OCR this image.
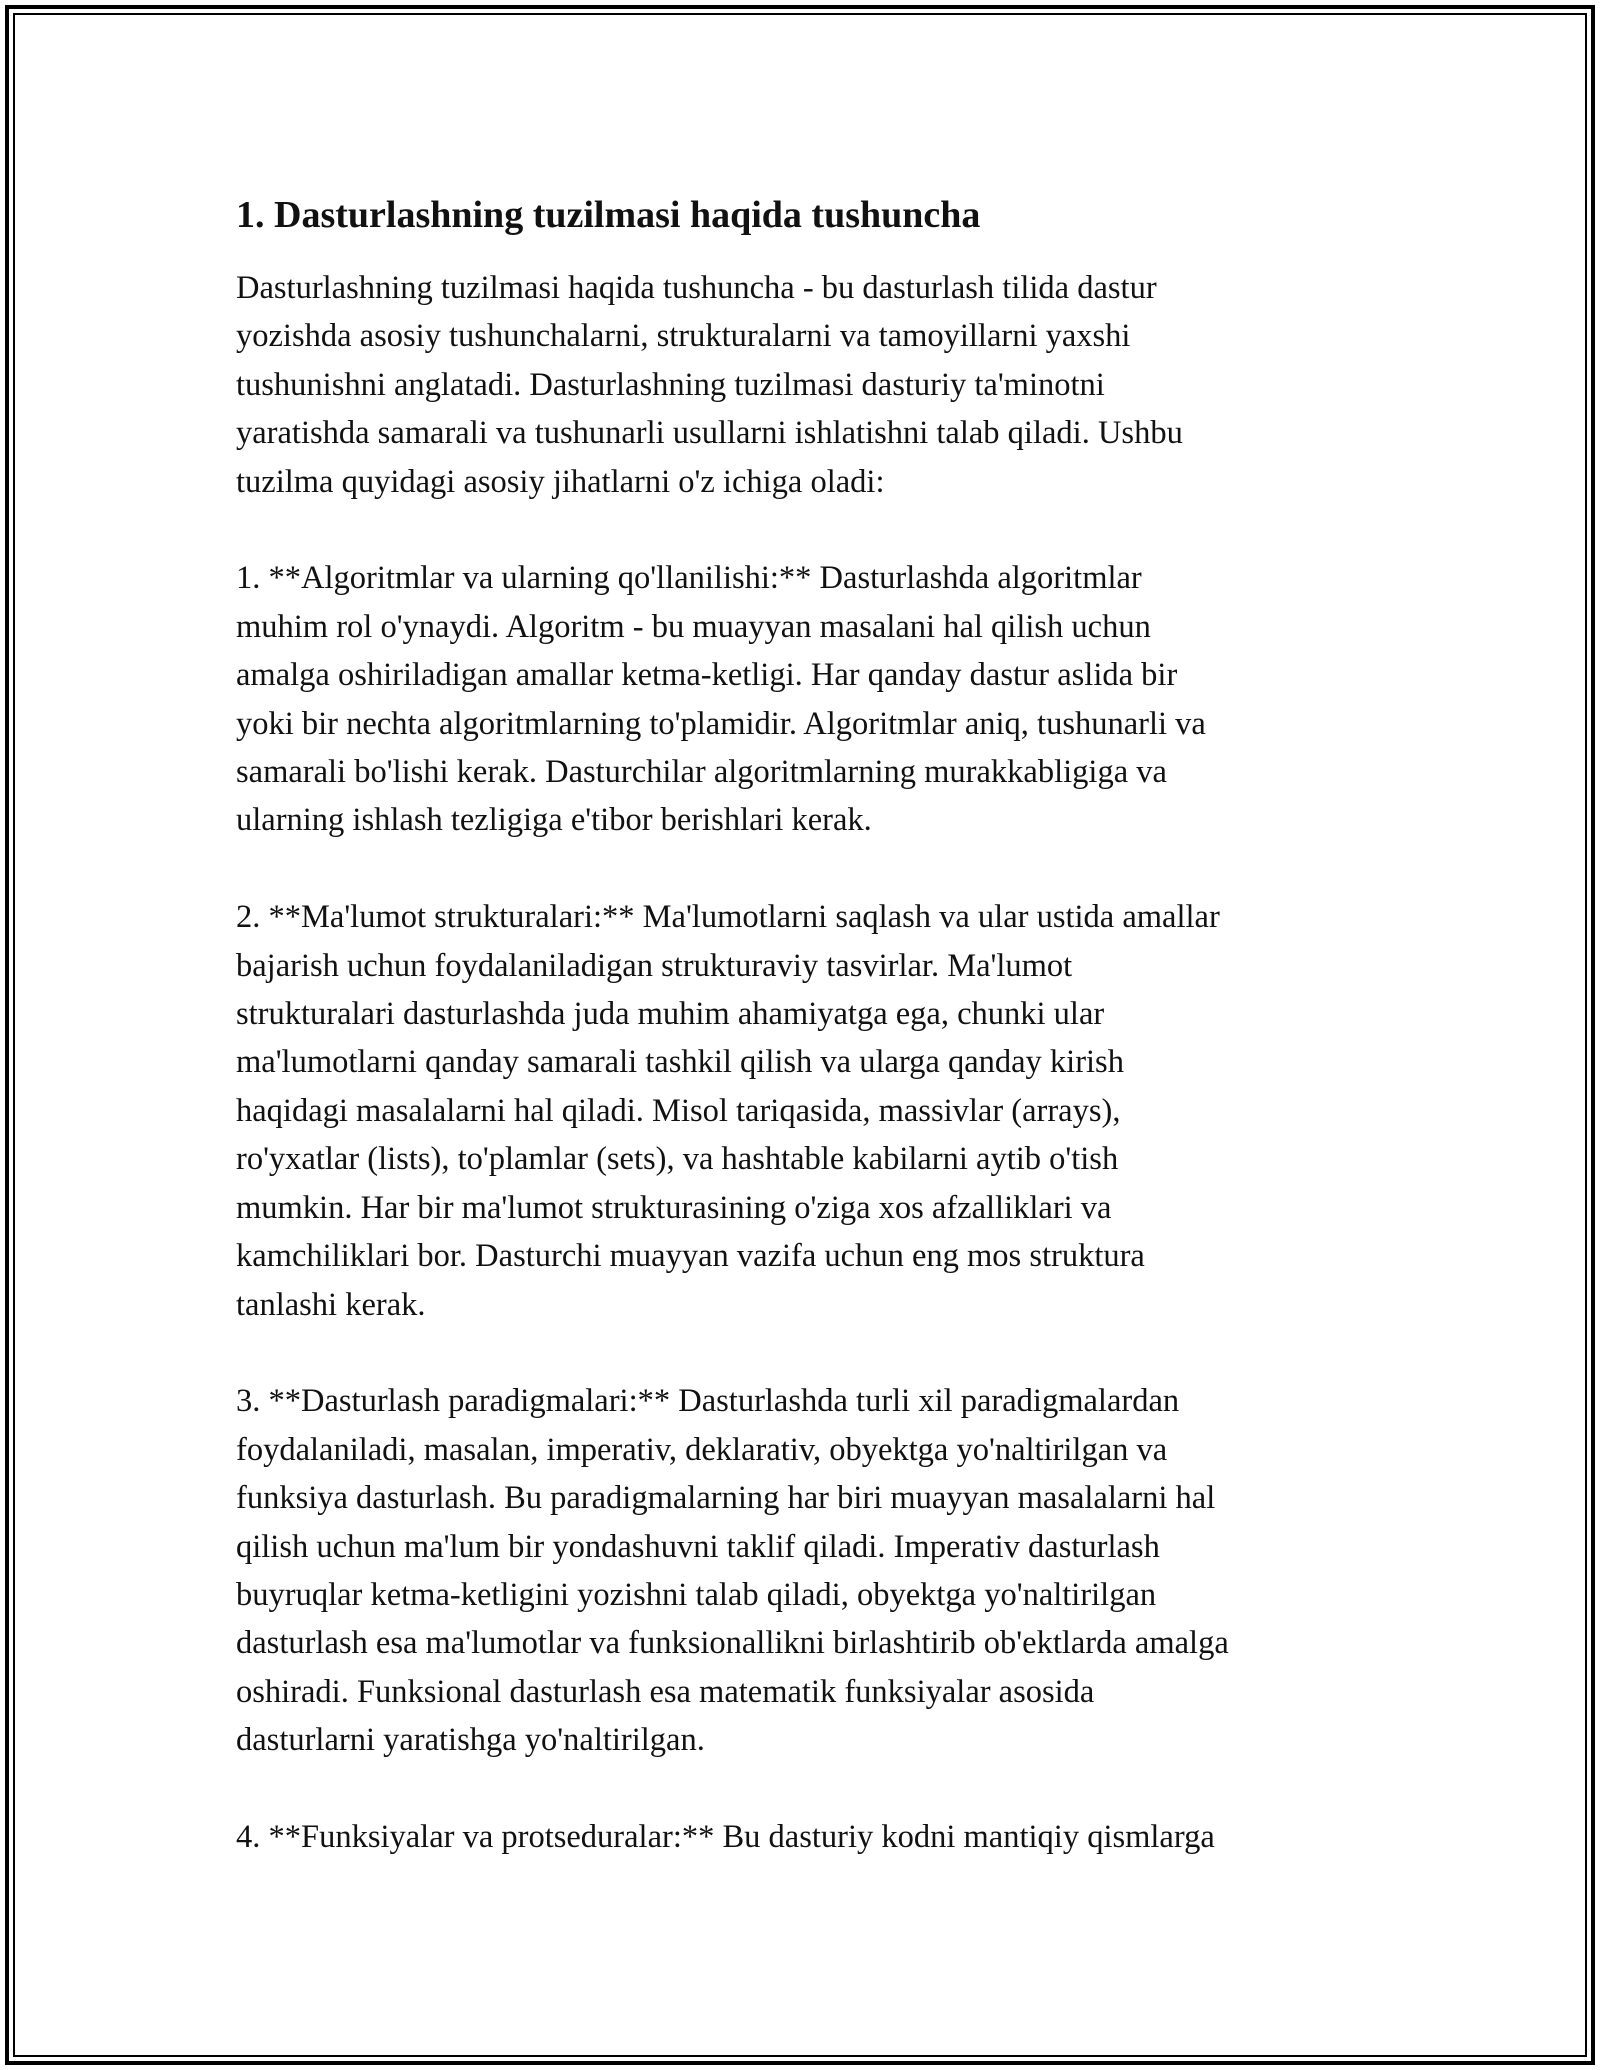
1. Dasturlashning tuzilmasi haqida tushuncha

Dasturlashning tuzilmasi haqida tushuncha - bu dasturlash tilida dastur
yozishda asosiy tushunchalarni, strukturalarni va tamoyillarni yaxshi
tushunishni anglatadi. Dasturlashning tuzilmasi dasturiy ta'minotni
yaratishda samarali va tushunarli usullarni ishlatishni talab qiladi. Ushbu
tuzilma quyidagi asosiy jihatlarni o'z ichiga oladi:

1. **Algoritmlar va ularning qo'llanilishi:** Dasturlashda algoritmlar
muhim rol o'ynaydi. Algoritm - bu muayyan masalani hal qilish uchun
amalga oshiriladigan amallar ketma-ketligi. Har qanday dastur aslida bir
yoki bir nechta algoritmlarning to'plamidir. Algoritmlar aniq, tushunarli va
samarali bo'lishi kerak. Dasturchilar algoritmlarning murakkabligiga va
ularning ishlash tezligiga e'tibor berishlari kerak.

2. **Ma'lumot strukturalari:** Ma'lumotlarni saqlash va ular ustida amallar
bajarish uchun foydalaniladigan strukturaviy tasvirlar. Ma'lumot
strukturalari dasturlashda juda muhim ahamiyatga ega, chunki ular
ma'lumotlarni qanday samarali tashkil qilish va ularga qanday kirish
haqidagi masalalarni hal qiladi. Misol tariqasida, massivlar (arrays),
ro'yxatlar (lists), to'plamlar (sets), va hashtable kabilarni aytib o'tish
mumkin. Har bir ma'lumot strukturasining o'ziga xos afzalliklari va
kamchiliklari bor. Dasturchi muayyan vazifa uchun eng mos struktura
tanlashi kerak.

3. **Dasturlash paradigmalari:** Dasturlashda turli xil paradigmalardan
foydalaniladi, masalan, imperativ, deklarativ, obyektga yo'naltirilgan va
funksiya dasturlash. Bu paradigmalarning har biri muayyan masalalarni hal
qilish uchun ma'lum bir yondashuvni taklif qiladi. Imperativ dasturlash
buyruqlar ketma-ketligini yozishni talab qiladi, obyektga yo'naltirilgan
dasturlash esa ma'lumotlar va funksionallikni birlashtirib ob'ektlarda amalga
oshiradi. Funksional dasturlash esa matematik funksiyalar asosida
dasturlarni yaratishga yo'naltirilgan.

4. **Funksiyalar va protseduralar:** Bu dasturiy kodni mantiqiy qismlarga
